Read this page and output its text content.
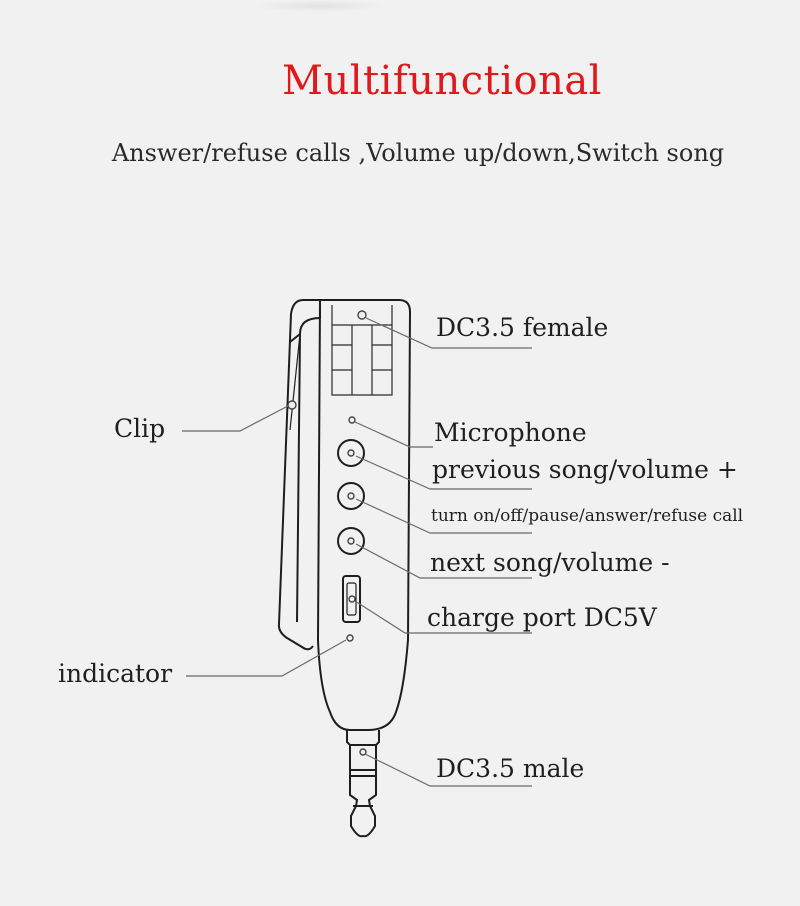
Multifunctional

Answer/refuse calls ,Volume up/down,Switch song

DC3.5 female
Clip	Microphone
previous song/volume +
turn on/off/pause/answer/refuse call
next song/volume -
charge port DC5V
indicator
DC3.5 male
